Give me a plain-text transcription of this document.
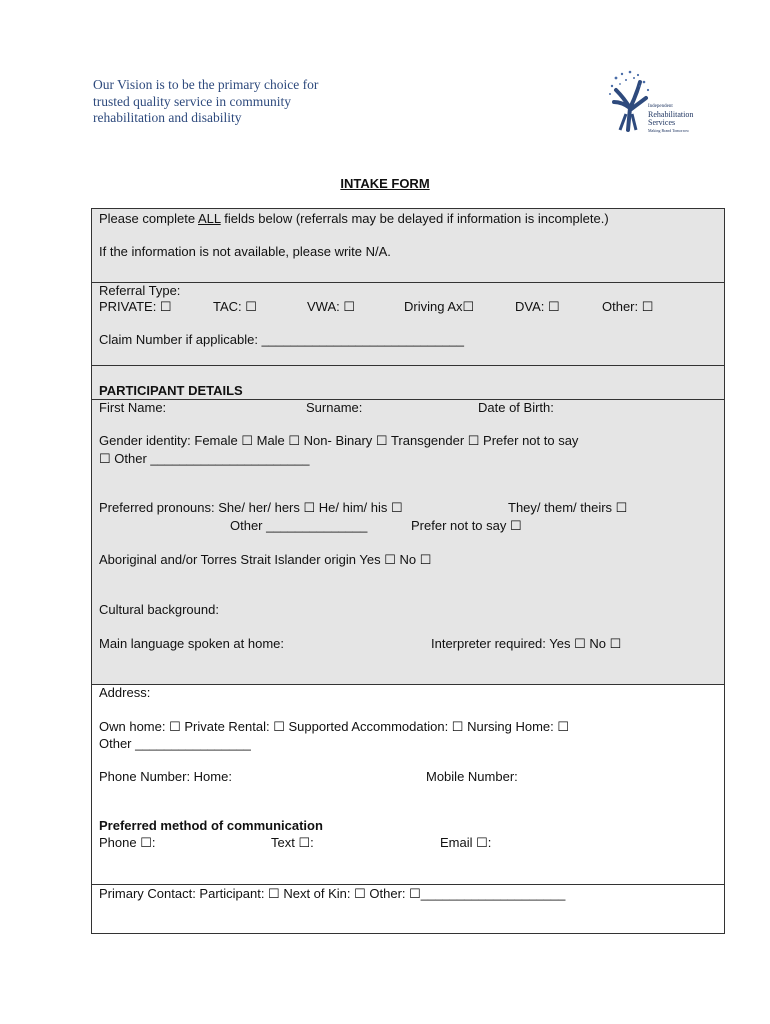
Our Vision is to be the primary choice for
trusted quality service in community
rehabilitation and disability
Independent
Rehabilitation
Services
Making Brand Tomorrow
INTAKE FORM
Please complete ALL fields below (referrals may be delayed if information is incomplete.)
If the information is not available, please write N/A.
Referral Type:
PRIVATE: ☐	TAC: ☐	VWA: ☐	Driving Ax☐	DVA: ☐	Other: ☐
Claim Number if applicable: ____________________________
PARTICIPANT DETAILS
First Name:	Surname:	Date of Birth:
Gender identity: Female ☐ Male ☐ Non- Binary ☐ Transgender ☐ Prefer not to say
☐ Other ______________________
Preferred pronouns: She/ her/ hers ☐ He/ him/ his ☐	They/ them/ theirs ☐
Other ______________	Prefer not to say ☐
Aboriginal and/or Torres Strait Islander origin Yes ☐ No ☐
Cultural background:
Main language spoken at home:	Interpreter required: Yes ☐ No ☐
Address:
Own home: ☐ Private Rental: ☐ Supported Accommodation: ☐ Nursing Home: ☐
Other ________________
Phone Number: Home:	Mobile Number:
Preferred method of communication
Phone ☐:	Text ☐:	Email ☐:
Primary Contact: Participant: ☐ Next of Kin: ☐ Other: ☐____________________
